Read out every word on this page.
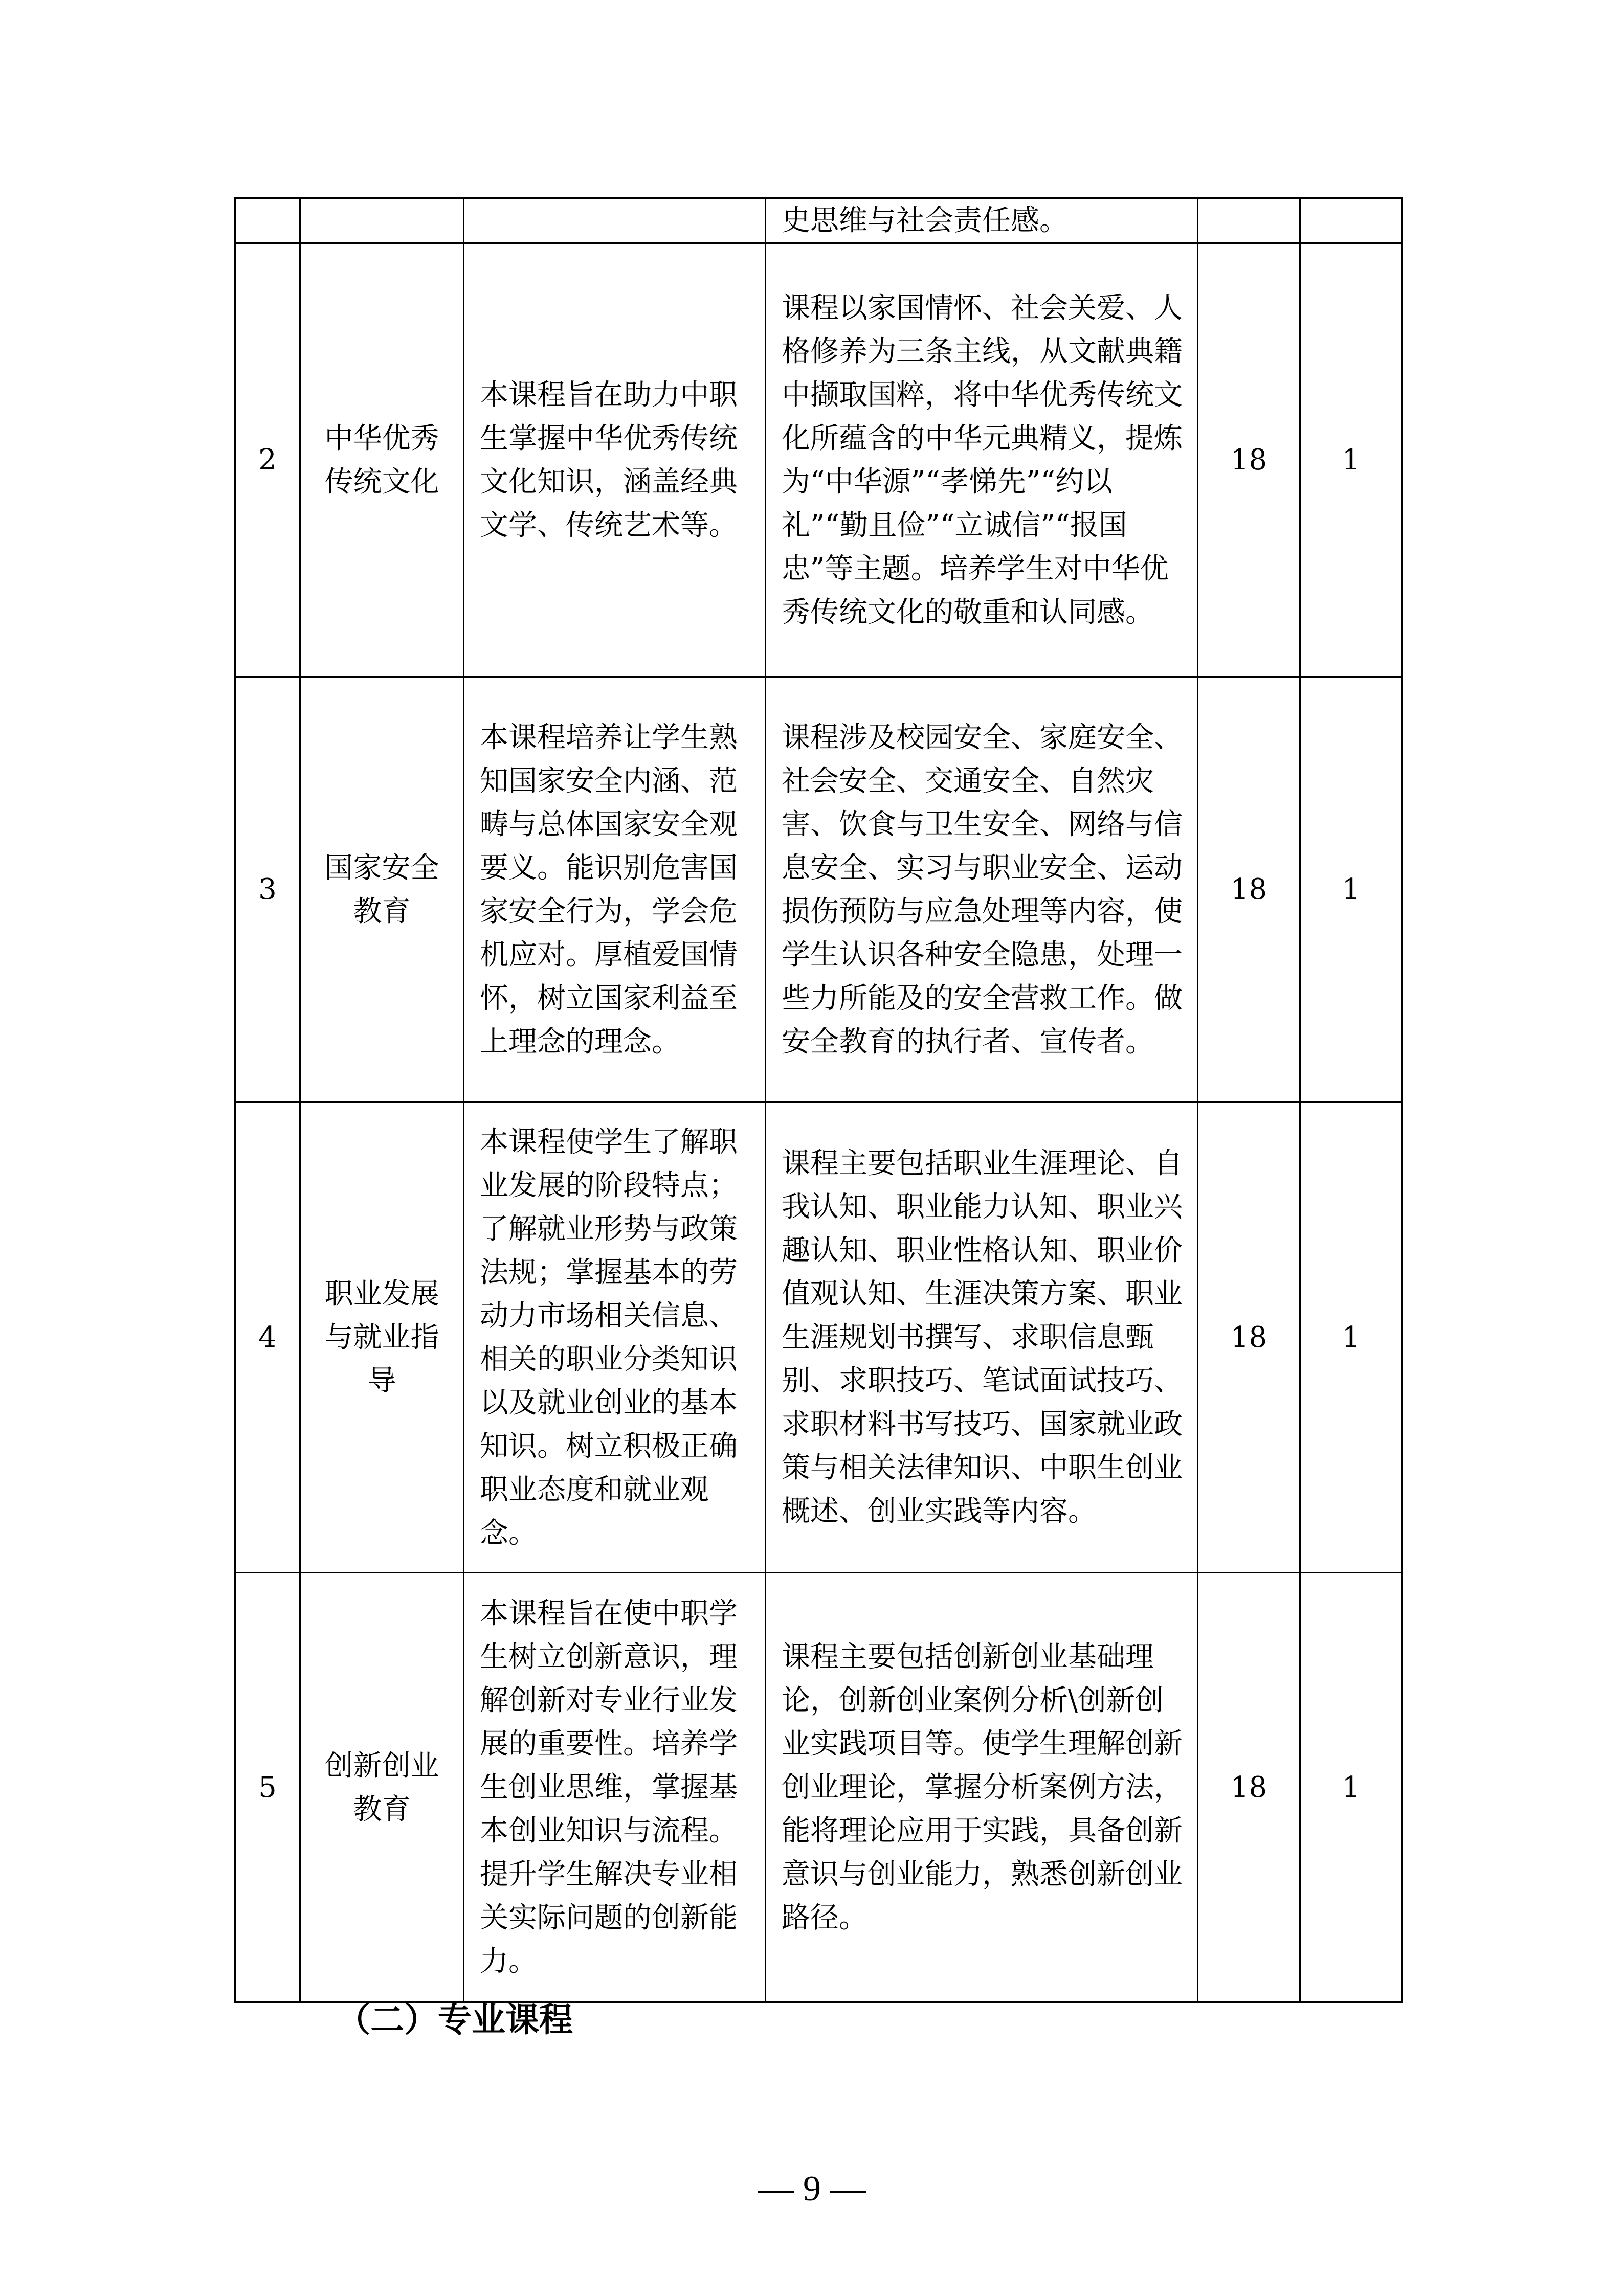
			史思维与社会责任感。		
2	中华优秀传统文化	本课程旨在助力中职生掌握中华优秀传统文化知识，涵盖经典文学、传统艺术等。	课程以家国情怀、社会关爱、人格修养为三条主线，从文献典籍中撷取国粹，将中华优秀传统文化所蕴含的中华元典精义，提炼为“中华源”“孝悌先”“约以礼”“勤且俭”“立诚信”“报国忠”等主题。培养学生对中华优秀传统文化的敬重和认同感。	18	1
3	国家安全教育	本课程培养让学生熟知国家安全内涵、范畴与总体国家安全观要义。能识别危害国家安全行为，学会危机应对。厚植爱国情怀，树立国家利益至上理念的理念。	课程涉及校园安全、家庭安全、社会安全、交通安全、自然灾害、饮食与卫生安全、网络与信息安全、实习与职业安全、运动损伤预防与应急处理等内容，使学生认识各种安全隐患，处理一些力所能及的安全营救工作。做安全教育的执行者、宣传者。	18	1
4	职业发展与就业指导	本课程使学生了解职业发展的阶段特点；了解就业形势与政策法规；掌握基本的劳动力市场相关信息、相关的职业分类知识以及就业创业的基本知识。树立积极正确职业态度和就业观念。	课程主要包括职业生涯理论、自我认知、职业能力认知、职业兴趣认知、职业性格认知、职业价值观认知、生涯决策方案、职业生涯规划书撰写、求职信息甄别、求职技巧、笔试面试技巧、求职材料书写技巧、国家就业政策与相关法律知识、中职生创业概述、创业实践等内容。	18	1
5	创新创业教育	本课程旨在使中职学生树立创新意识，理解创新对专业行业发展的重要性。培养学生创业思维，掌握基本创业知识与流程。提升学生解决专业相关实际问题的创新能力。	课程主要包括创新创业基础理论，创新创业案例分析\创新创业实践项目等。使学生理解创新创业理论，掌握分析案例方法，能将理论应用于实践，具备创新意识与创业能力，熟悉创新创业路径。	18	1
（二）专业课程
— 9 —
